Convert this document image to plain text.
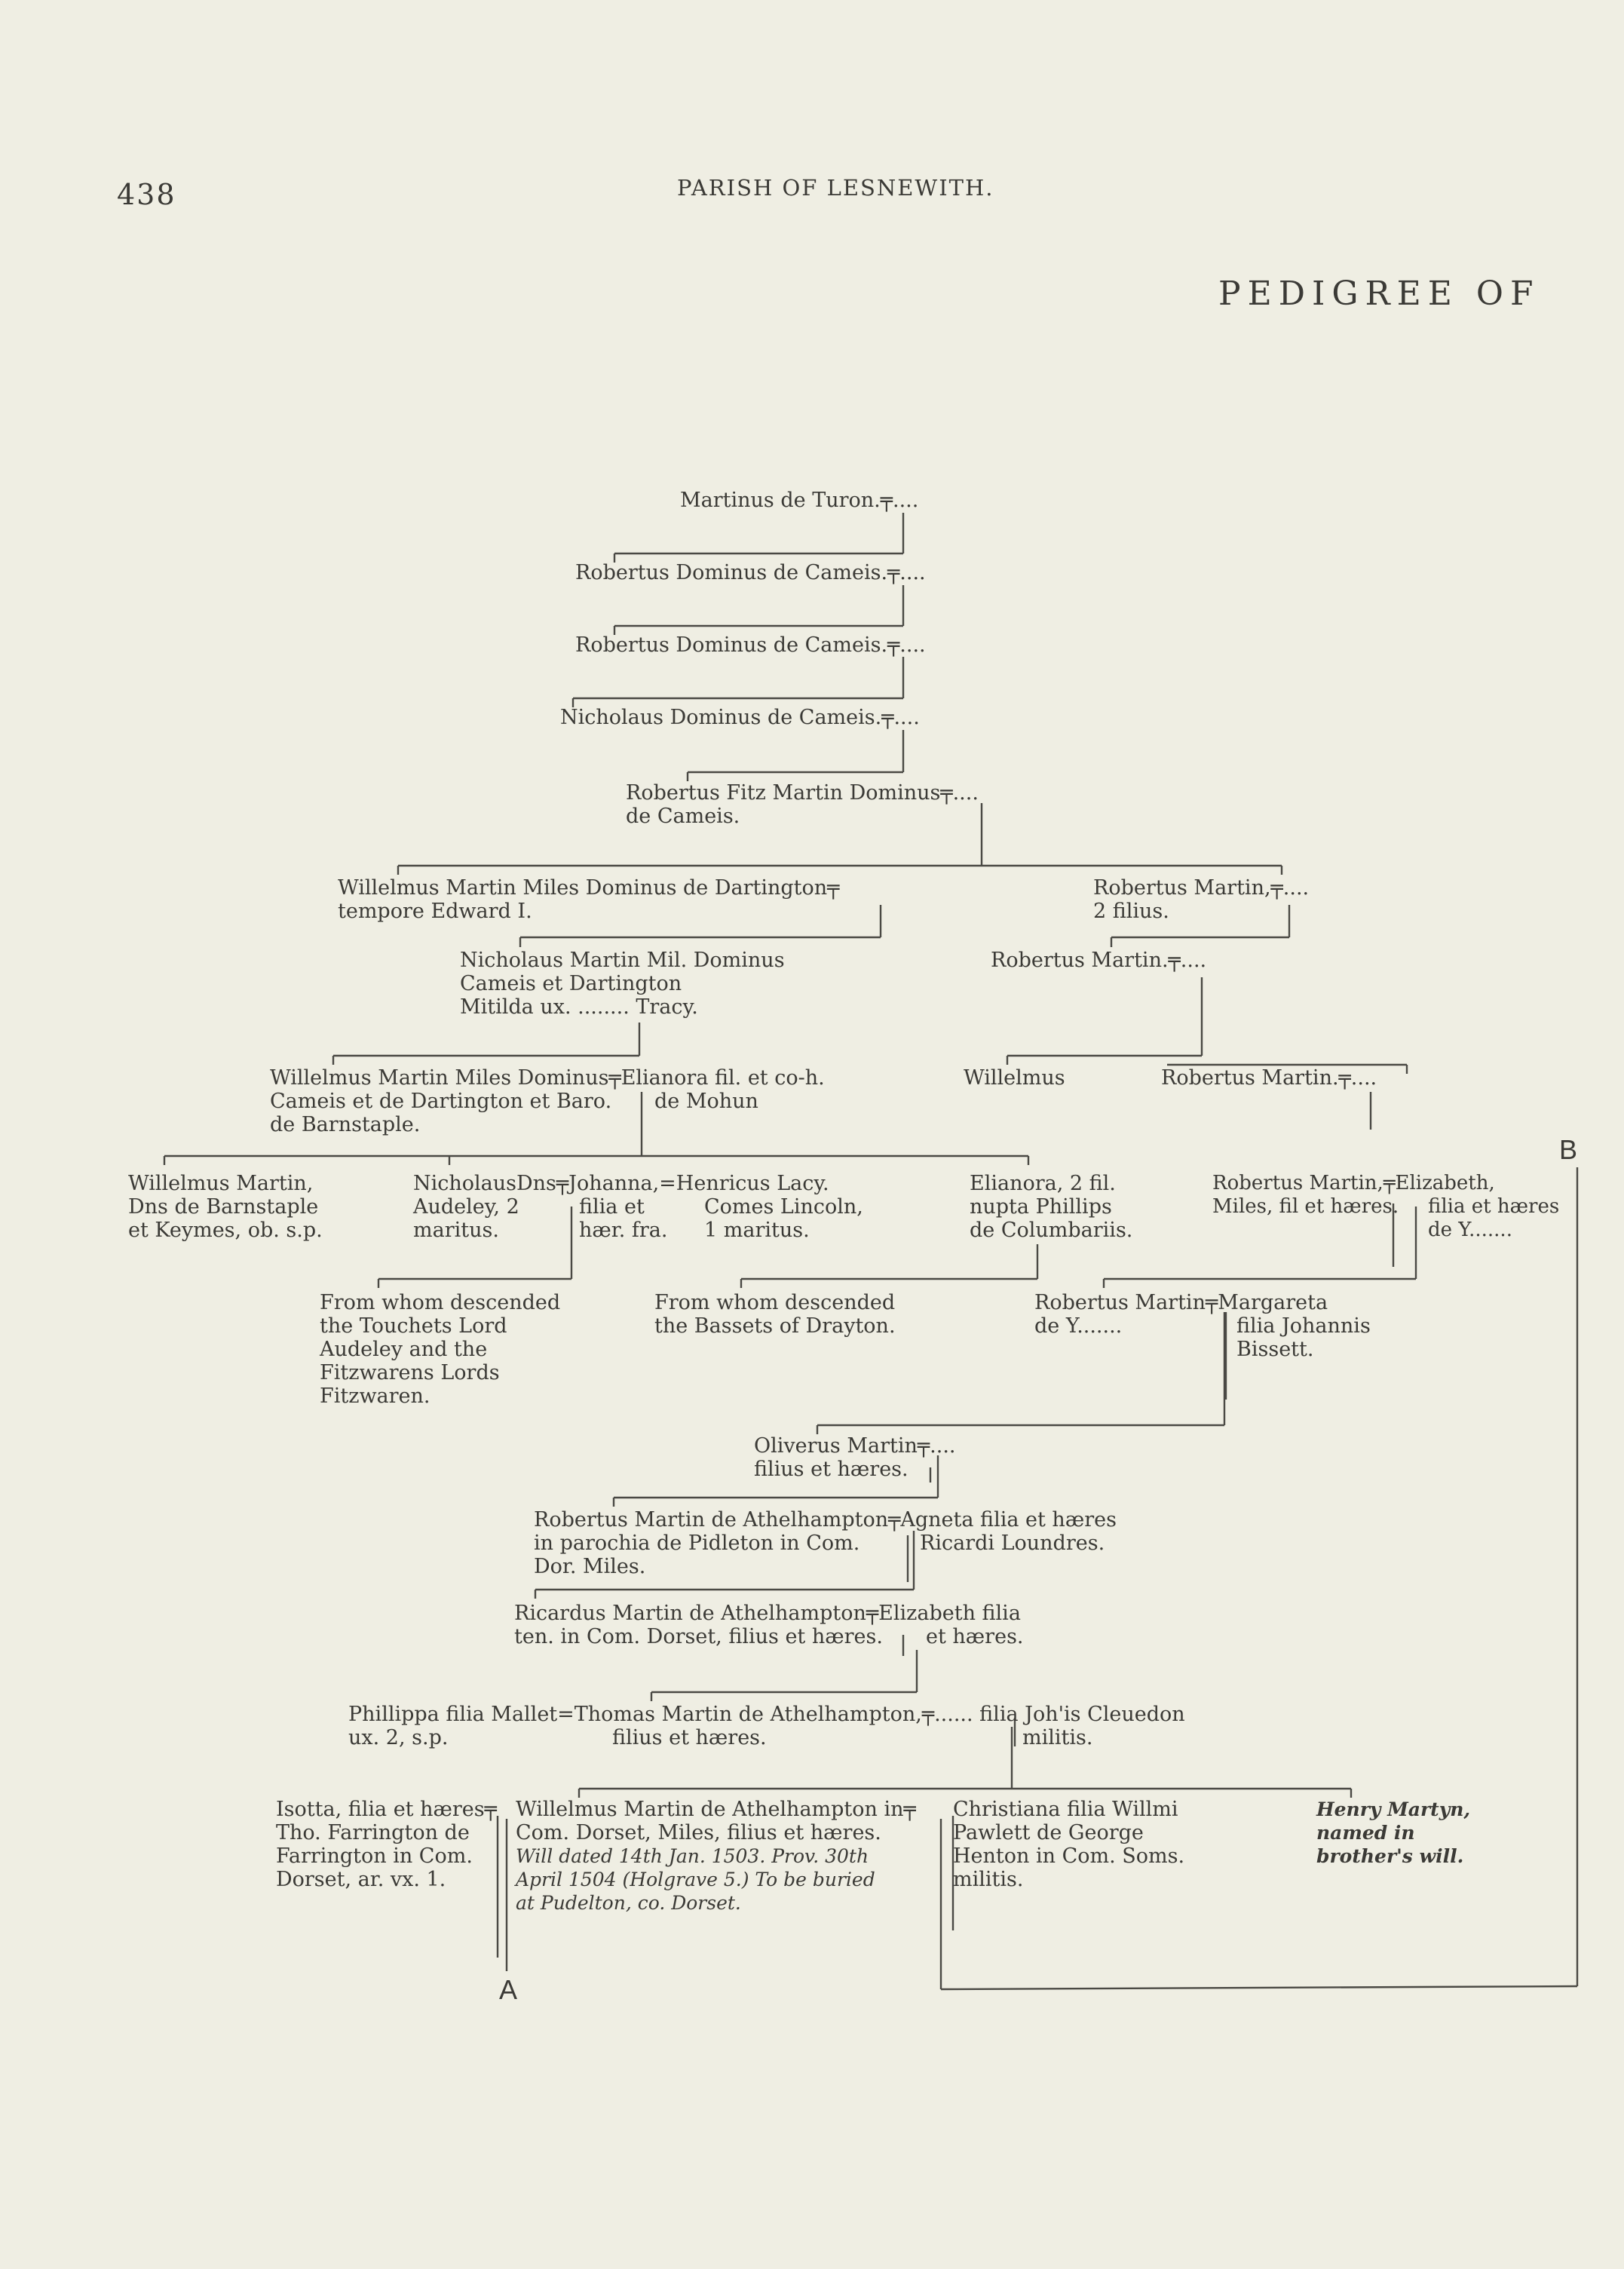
438	PARISH OF LESNEWITH.
PEDIGREE OF
Martinus de Turon.╤....
Robertus Dominus de Cameis.╤....
Robertus Dominus de Cameis.╤....
Nicholaus Dominus de Cameis.╤....
Robertus Fitz Martin Dominus╤....
de Cameis.
Willelmus Martin Miles Dominus de Dartington╤
tempore Edward I.
Robertus Martin,╤....
2 filius.
Nicholaus Martin Mil. Dominus
Cameis et Dartington
Mitilda ux. ........ Tracy.
Robertus Martin.╤....
Willelmus Martin Miles Dominus╤Elianora fil. et co-h.
Cameis et de Dartington et Baro.
de Barnstaple.
de Mohun
Willelmus	Robertus Martin.╤....
Willelmus Martin,
Dns de Barnstaple
et Keymes, ob. s.p.
NicholausDns╤Johanna,=Henricus Lacy.
Audeley, 2
maritus.
filia et
hær. fra.
Comes Lincoln,
1 maritus.
Elianora, 2 fil.
nupta Phillips
de Columbariis.
Robertus Martin,╤Elizabeth,
Miles, fil et hæres.	filia et hæres
de Y.......
From whom descended
the Touchets Lord
Audeley and the
Fitzwarens Lords
Fitzwaren.
From whom descended
the Bassets of Drayton.
Robertus Martin╤Margareta
de Y.......	filia Johannis
Bissett.
Oliverus Martin╤....
filius et hæres.
Robertus Martin de Athelhampton╤Agneta filia et hæres
in parochia de Pidleton in Com.
Dor. Miles.
Ricardi Loundres.
Ricardus Martin de Athelhampton╤Elizabeth filia
ten. in Com. Dorset, filius et hæres.	et hæres.
Phillippa filia Mallet=Thomas Martin de Athelhampton,╤...... filia Joh'is Cleuedon
ux. 2, s.p.	filius et hæres.	militis.
Isotta, filia et hæres╤
Tho. Farrington de
Farrington in Com.
Dorset, ar. vx. 1.
Willelmus Martin de Athelhampton in╤
Com. Dorset, Miles, filius et hæres.
Will dated 14th Jan. 1503. Prov. 30th
April 1504 (Holgrave 5.) To be buried
at Pudelton, co. Dorset.
Christiana filia Willmi
Pawlett de George
Henton in Com. Soms.
militis.
Henry Martyn,
named in
brother's will.
A
B
